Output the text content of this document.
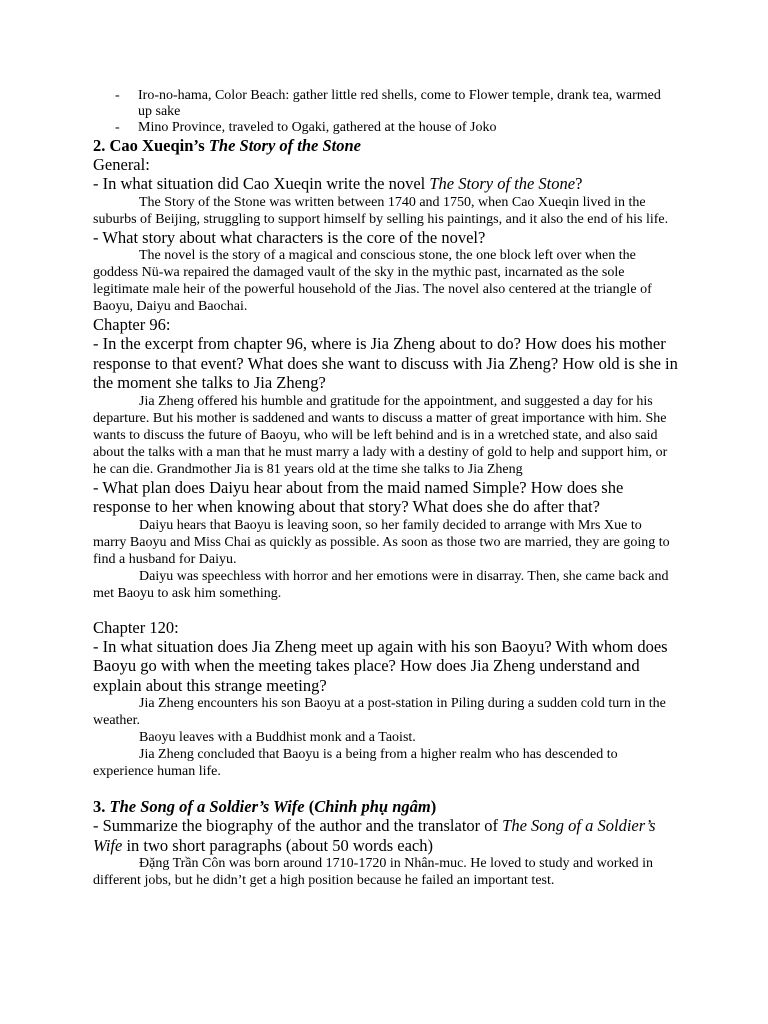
- Iro-no-hama, Color Beach: gather little red shells, come to Flower temple, drank tea, warmed up sake
- Mino Province, traveled to Ogaki, gathered at the house of Joko

2. Cao Xueqin’s The Story of the Stone

General:

- In what situation did Cao Xueqin write the novel The Story of the Stone?

The Story of the Stone was written between 1740 and 1750, when Cao Xueqin lived in the suburbs of Beijing, struggling to support himself by selling his paintings, and it also the end of his life.

- What story about what characters is the core of the novel?

The novel is the story of a magical and conscious stone, the one block left over when the goddess Nü-wa repaired the damaged vault of the sky in the mythic past, incarnated as the sole legitimate male heir of the powerful household of the Jias. The novel also centered at the triangle of Baoyu, Daiyu and Baochai.

Chapter 96:

- In the excerpt from chapter 96, where is Jia Zheng about to do? How does his mother response to that event? What does she want to discuss with Jia Zheng? How old is she in the moment she talks to Jia Zheng?

Jia Zheng offered his humble and gratitude for the appointment, and suggested a day for his departure. But his mother is saddened and wants to discuss a matter of great importance with him. She wants to discuss the future of Baoyu, who will be left behind and is in a wretched state, and also said about the talks with a man that he must marry a lady with a destiny of gold to help and support him, or he can die. Grandmother Jia is 81 years old at the time she talks to Jia Zheng

- What plan does Daiyu hear about from the maid named Simple? How does she response to her when knowing about that story? What does she do after that?

Daiyu hears that Baoyu is leaving soon, so her family decided to arrange with Mrs Xue to marry Baoyu and Miss Chai as quickly as possible. As soon as those two are married, they are going to find a husband for Daiyu.

Daiyu was speechless with horror and her emotions were in disarray. Then, she came back and met Baoyu to ask him something.

Chapter 120:

- In what situation does Jia Zheng meet up again with his son Baoyu? With whom does Baoyu go with when the meeting takes place? How does Jia Zheng understand and explain about this strange meeting?

Jia Zheng encounters his son Baoyu at a post-station in Piling during a sudden cold turn in the weather.

Baoyu leaves with a Buddhist monk and a Taoist.

Jia Zheng concluded that Baoyu is a being from a higher realm who has descended to experience human life.

3. The Song of a Soldier’s Wife (Chinh phụ ngâm)

- Summarize the biography of the author and the translator of The Song of a Soldier’s Wife in two short paragraphs (about 50 words each)

Đặng Trần Côn was born around 1710-1720 in Nhân-muc. He loved to study and worked in different jobs, but he didn’t get a high position because he failed an important test.
